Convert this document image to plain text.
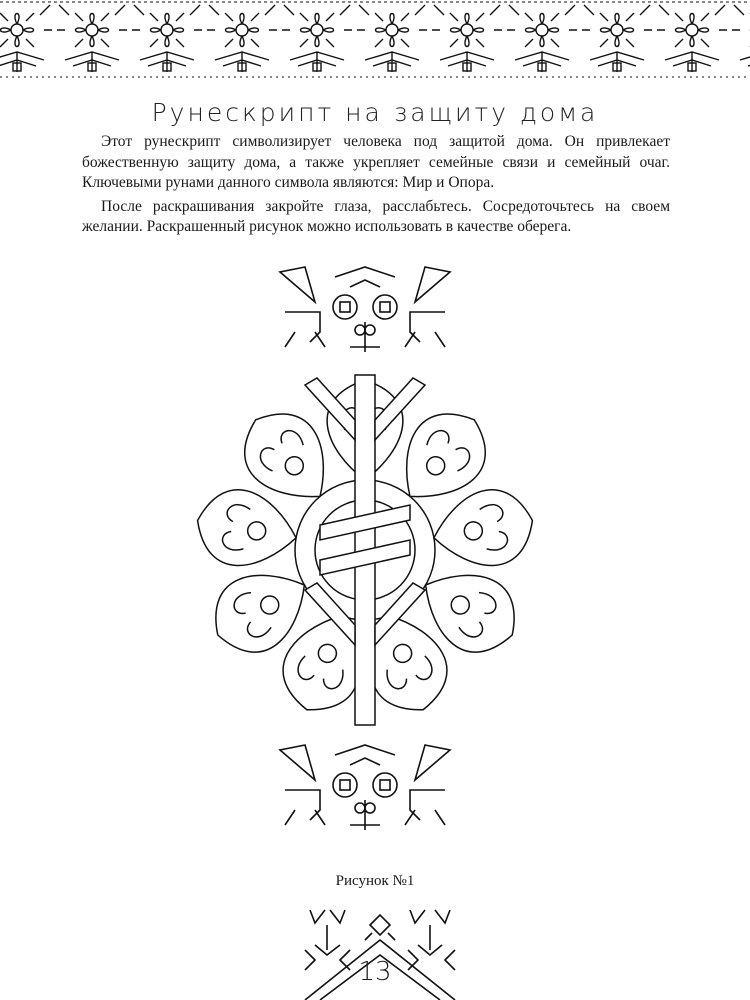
Рунескрипт на защиту дома

Этот рунескрипт символизирует человека под защитой дома. Он привлекает божественную защиту дома, а также укрепляет семейные связи и семейный очаг. Ключевыми рунами данного символа являются: Мир и Опора.

После раскрашивания закройте глаза, расслабьтесь. Сосредоточьтесь на своем желании. Раскрашенный рисунок можно использовать в качестве оберега.

Рисунок №1
13
